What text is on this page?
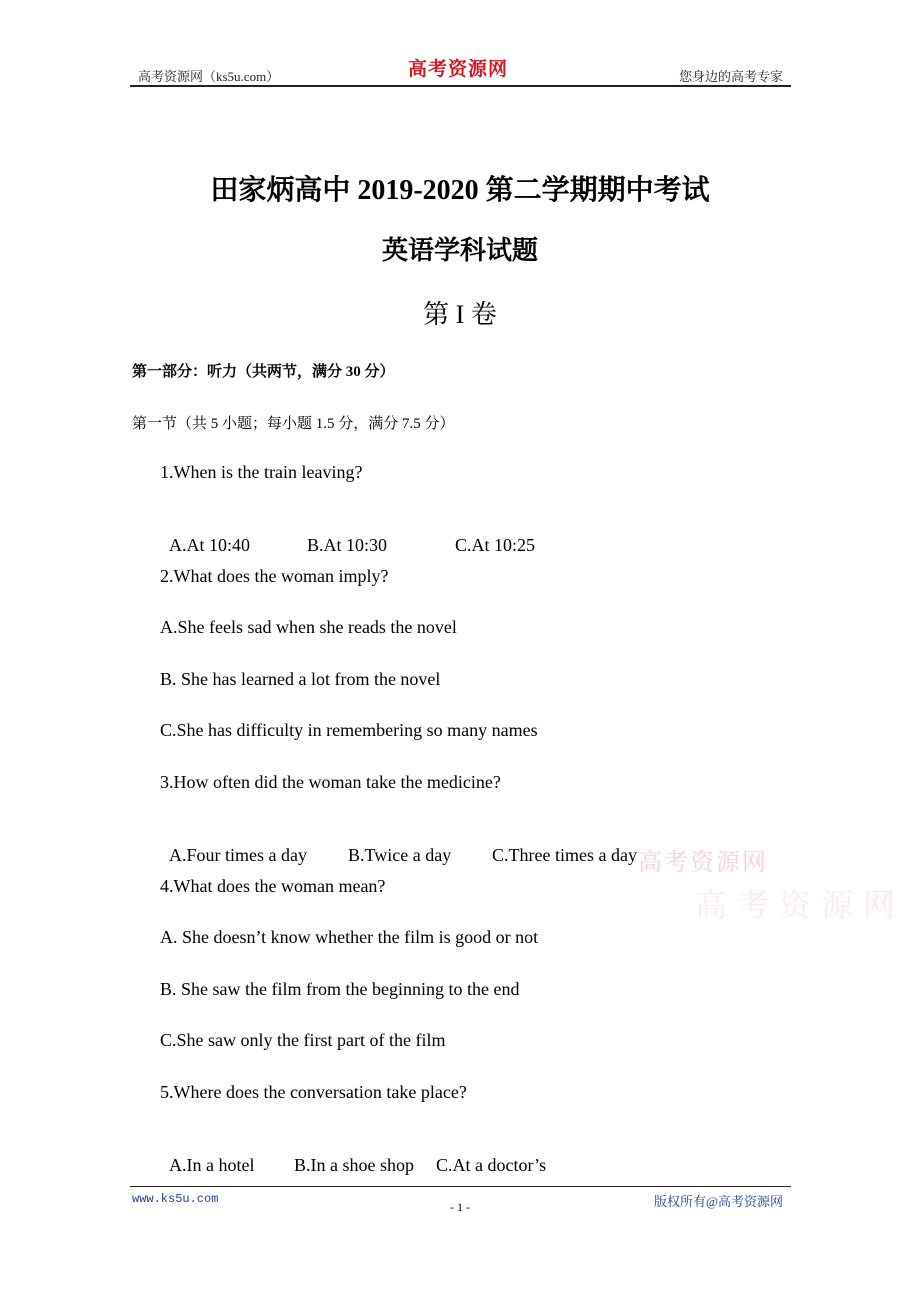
高考资源网（ks5u.com）	高考资源网	您身边的高考专家
田家炳高中 2019-2020 第二学期期中考试
英语学科试题
第 I 卷
第一部分：听力（共两节，满分 30 分）
第一节（共 5 小题；每小题 1.5 分，满分 7.5 分）
1.When is the train leaving?

A.At 10:40	B.At 10:30	C.At 10:25

2.What does the woman imply?
A.She feels sad when she reads the novel
B. She has learned a lot from the novel
C.She has difficulty in remembering so many names
3.How often did the woman take the medicine?

A.Four times a day B.Twice a day C.Three times a day

4.What does the woman mean?
A. She doesn’t know whether the film is good or not
B. She saw the film from the beginning to the end
C.She saw only the first part of the film
5.Where does the conversation take place?

A.In a hotel B.In a shoe shop C.At a doctor’s

高考资源网
高考资源网
www.ks5u.com
- 1 -	版权所有@高考资源网
